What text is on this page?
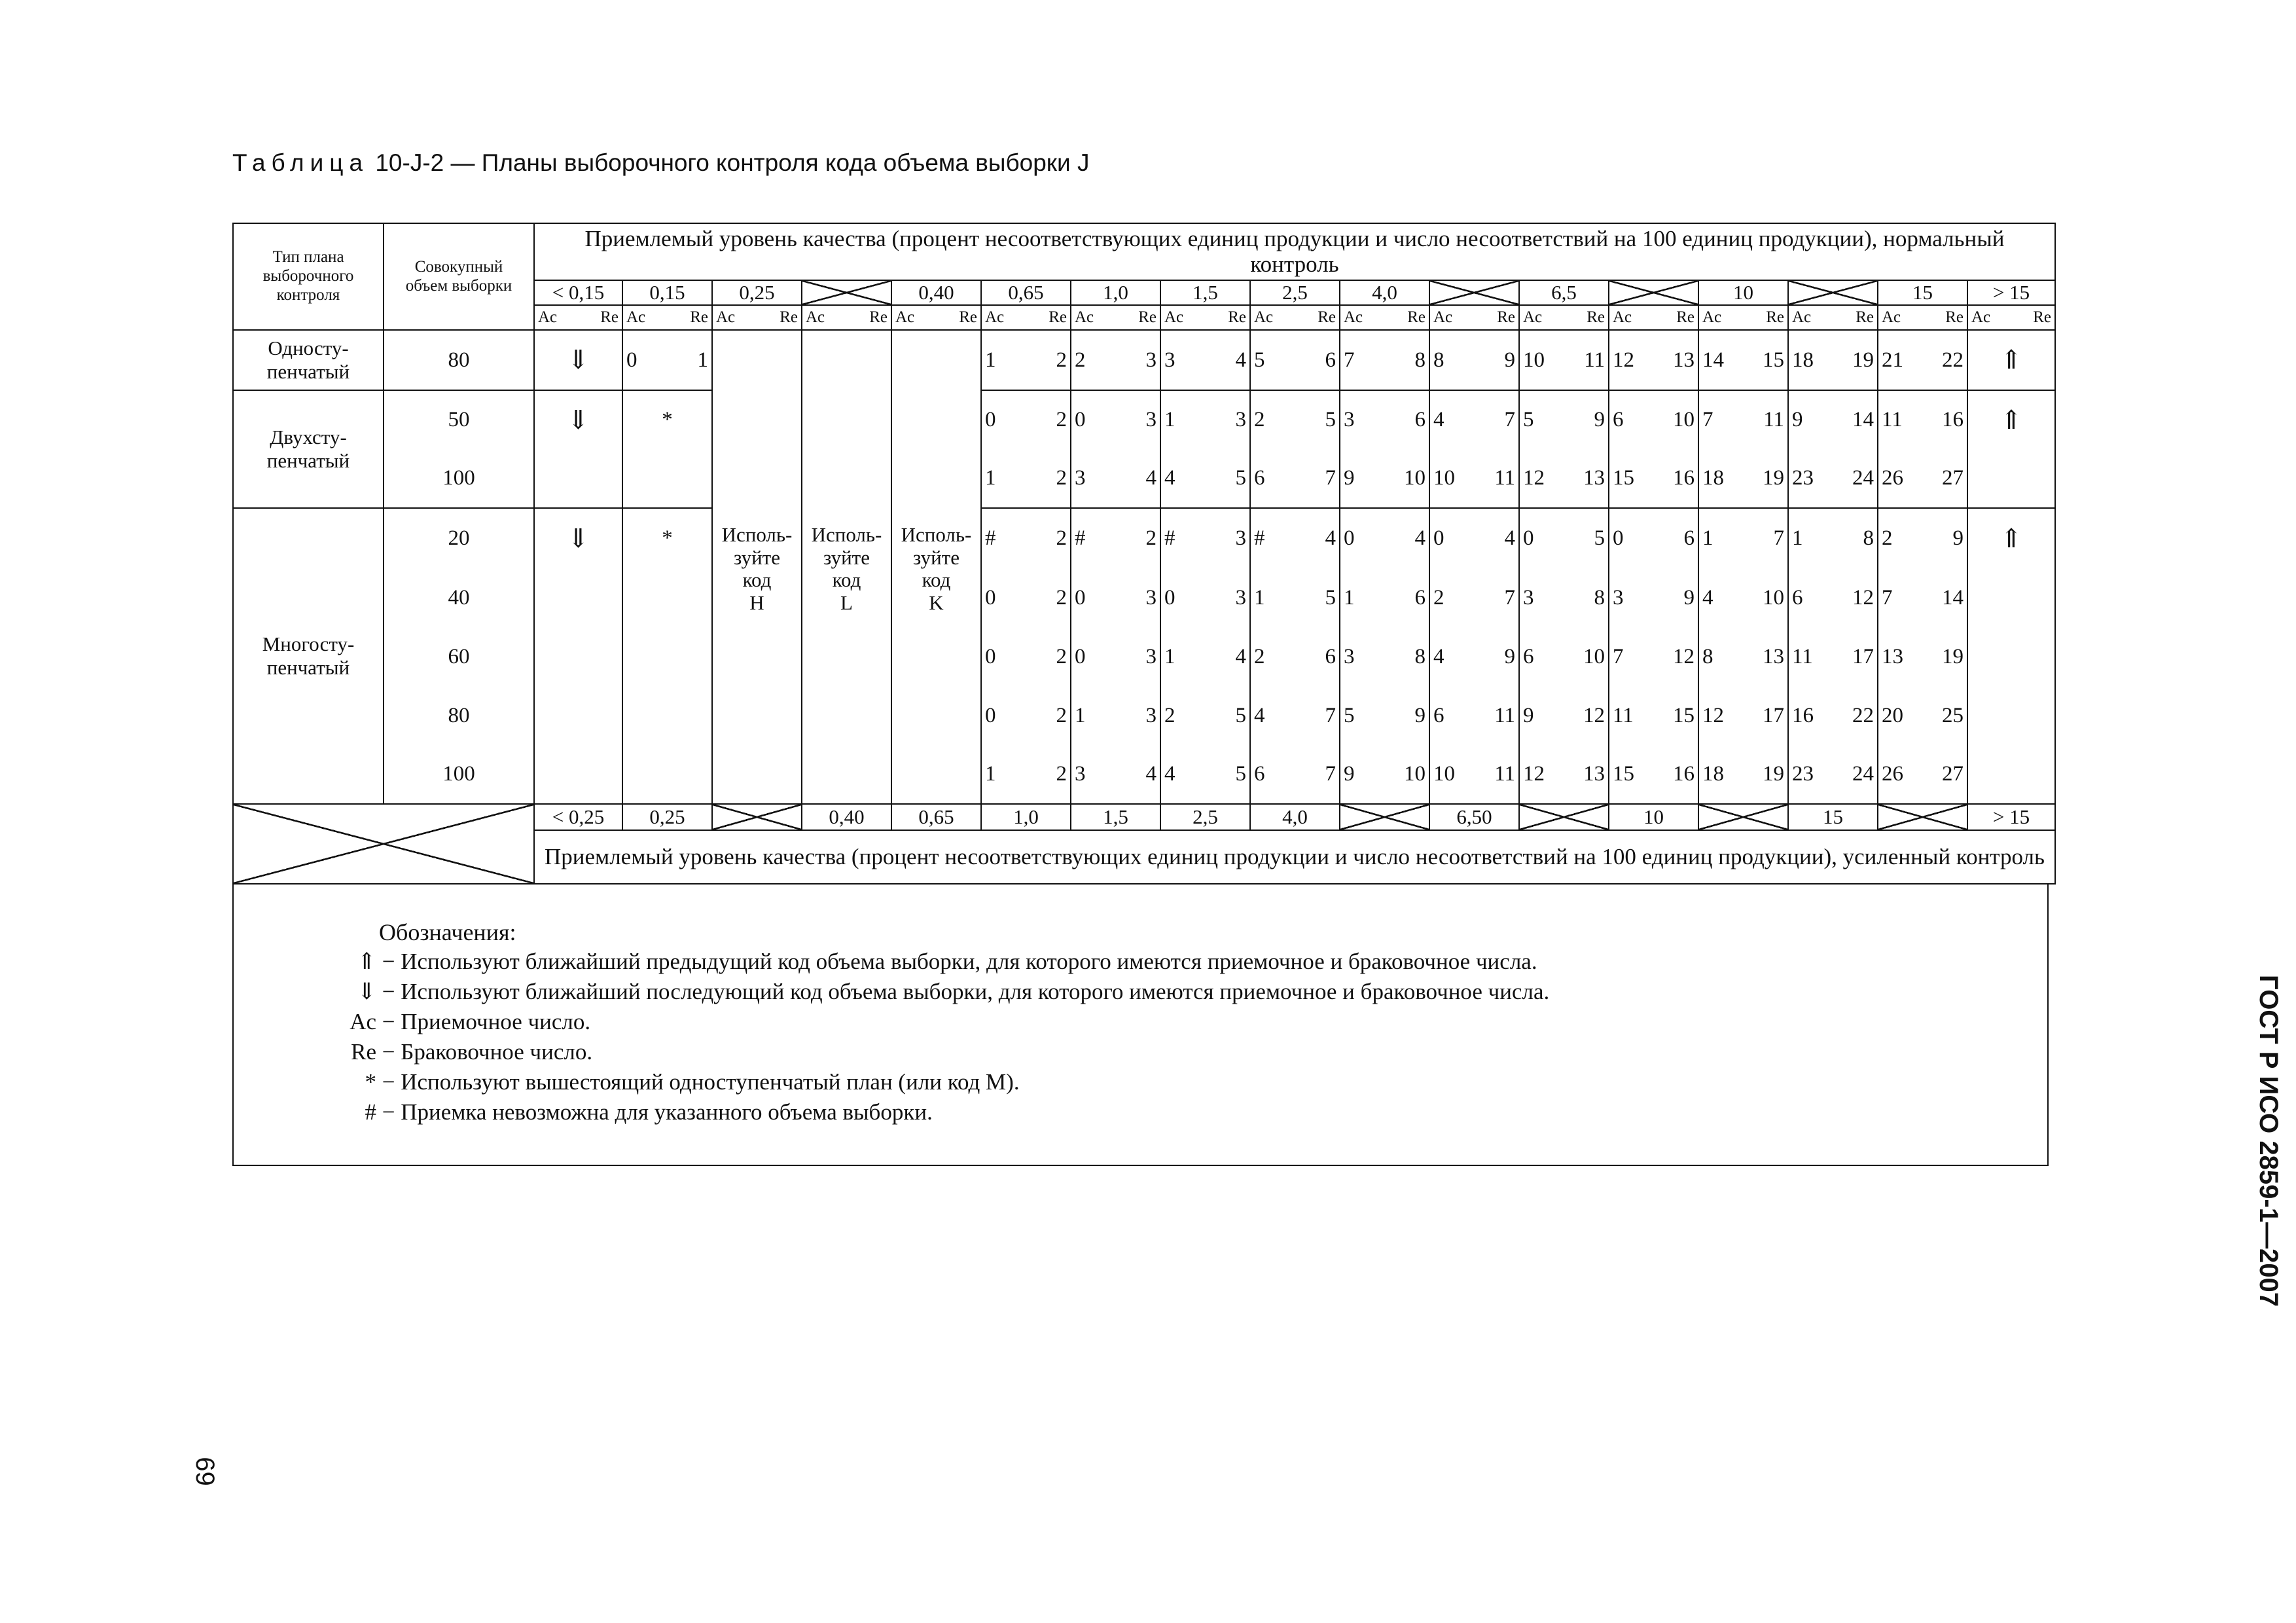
Таблица 10-J-2 — Планы выборочного контроля кода объема выборки J
Тип плана
выборочного
контроля	Совокупный
объем выборки	Приемлемый уровень качества (процент несоответствующих единиц продукции и число несоответствий на 100 единиц продукции), нормальный контроль																
		< 0,15	0,15	0,25		0,40	0,65	1,0	1,5	2,5	4,0		6,5		10		15	> 15

		Ac Re	Ac Re	Ac Re	Ac Re	Ac Re	Ac Re	Ac Re	Ac Re	Ac Re	Ac Re	Ac Re	Ac Re	Ac Re	Ac Re	Ac Re	Ac Re	Ac Re

Односту-
пенчатый	80	⇓	0 1	Исполь-
зуйте
код
H	Исполь-
зуйте
код
L	Исполь-
зуйте
код
K	1 2	2 3	3 4	5 6	7 8	8 9	10 11	12 13	14 15	18 19	21 22	⇑

Двухсту-
пенчатый	50	⇓	*				0 2	0 3	1 3	2 5	3 6	4 7	5 9	6 10	7 11	9 14	11 16	⇑
	100						1 2	3 4	4 5	6 7	9 10	10 11	12 13	15 16	18 19	23 24	26 27	

Многосту-
пенчатый	20	⇓	*				# 2	# 2	# 3	# 4	0 4	0 4	0 5	0 6	1 7	1 8	2 9	⇑
	40						0 2	0 3	0 3	1 5	1 6	2 7	3 8	3 9	4 10	6 12	7 14	

	60						0 2	0 3	1 4	2 6	3 8	4 9	6 10	7 12	8 13	11 17	13 19	

	80						0 2	1 3	2 5	4 7	5 9	6 11	9 12	11 15	12 17	16 22	20 25	

	100						1 2	3 4	4 5	6 7	9 10	10 11	12 13	15 16	18 19	23 24	26 27	

		< 0,25	0,25		0,40	0,65	1,0	1,5	2,5	4,0		6,50		10		15		> 15
		Приемлемый уровень качества (процент несоответствующих единиц продукции и число несоответствий на 100 единиц продукции), усиленный контроль																
Обозначения:
⇑ − Используют ближайший предыдущий код объема выборки, для которого имеются приемочное и браковочное числа.
⇓ − Используют ближайший последующий код объема выборки, для которого имеются приемочное и браковочное числа.
Ac − Приемочное число.
Re − Браковочное число.
* − Используют вышестоящий одноступенчатый план (или код М).
# − Приемка невозможна для указанного объема выборки.	ГОСТ Р ИСО 2859-1—2007
69
